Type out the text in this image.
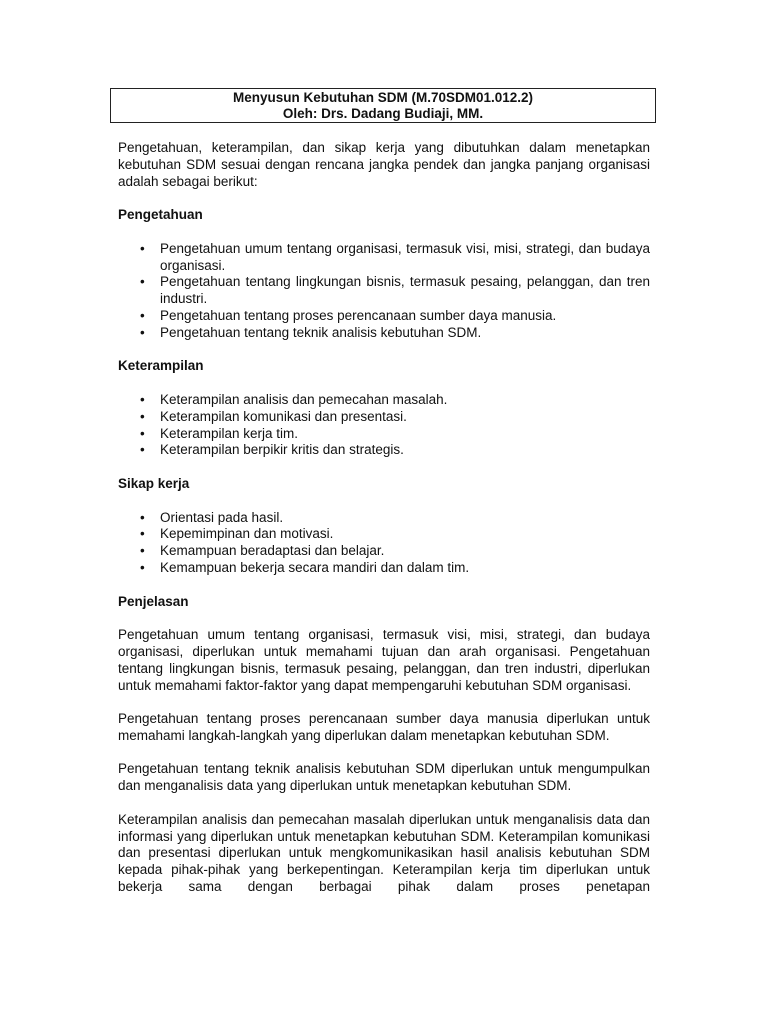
Menyusun Kebutuhan SDM (M.70SDM01.012.2)
Oleh: Drs. Dadang Budiaji, MM.

Pengetahuan, keterampilan, dan sikap kerja yang dibutuhkan dalam menetapkan kebutuhan SDM sesuai dengan rencana jangka pendek dan jangka panjang organisasi adalah sebagai berikut:

Pengetahuan

• Pengetahuan umum tentang organisasi, termasuk visi, misi, strategi, dan budaya organisasi.
• Pengetahuan tentang lingkungan bisnis, termasuk pesaing, pelanggan, dan tren industri.
• Pengetahuan tentang proses perencanaan sumber daya manusia.
• Pengetahuan tentang teknik analisis kebutuhan SDM.

Keterampilan

• Keterampilan analisis dan pemecahan masalah.
• Keterampilan komunikasi dan presentasi.
• Keterampilan kerja tim.
• Keterampilan berpikir kritis dan strategis.

Sikap kerja

• Orientasi pada hasil.
• Kepemimpinan dan motivasi.
• Kemampuan beradaptasi dan belajar.
• Kemampuan bekerja secara mandiri dan dalam tim.

Penjelasan

Pengetahuan umum tentang organisasi, termasuk visi, misi, strategi, dan budaya organisasi, diperlukan untuk memahami tujuan dan arah organisasi. Pengetahuan tentang lingkungan bisnis, termasuk pesaing, pelanggan, dan tren industri, diperlukan untuk memahami faktor-faktor yang dapat mempengaruhi kebutuhan SDM organisasi.

Pengetahuan tentang proses perencanaan sumber daya manusia diperlukan untuk memahami langkah-langkah yang diperlukan dalam menetapkan kebutuhan SDM.

Pengetahuan tentang teknik analisis kebutuhan SDM diperlukan untuk mengumpulkan dan menganalisis data yang diperlukan untuk menetapkan kebutuhan SDM.

Keterampilan analisis dan pemecahan masalah diperlukan untuk menganalisis data dan informasi yang diperlukan untuk menetapkan kebutuhan SDM. Keterampilan komunikasi dan presentasi diperlukan untuk mengkomunikasikan hasil analisis kebutuhan SDM kepada pihak-pihak yang berkepentingan. Keterampilan kerja tim diperlukan untuk bekerja sama dengan berbagai pihak dalam proses penetapan
